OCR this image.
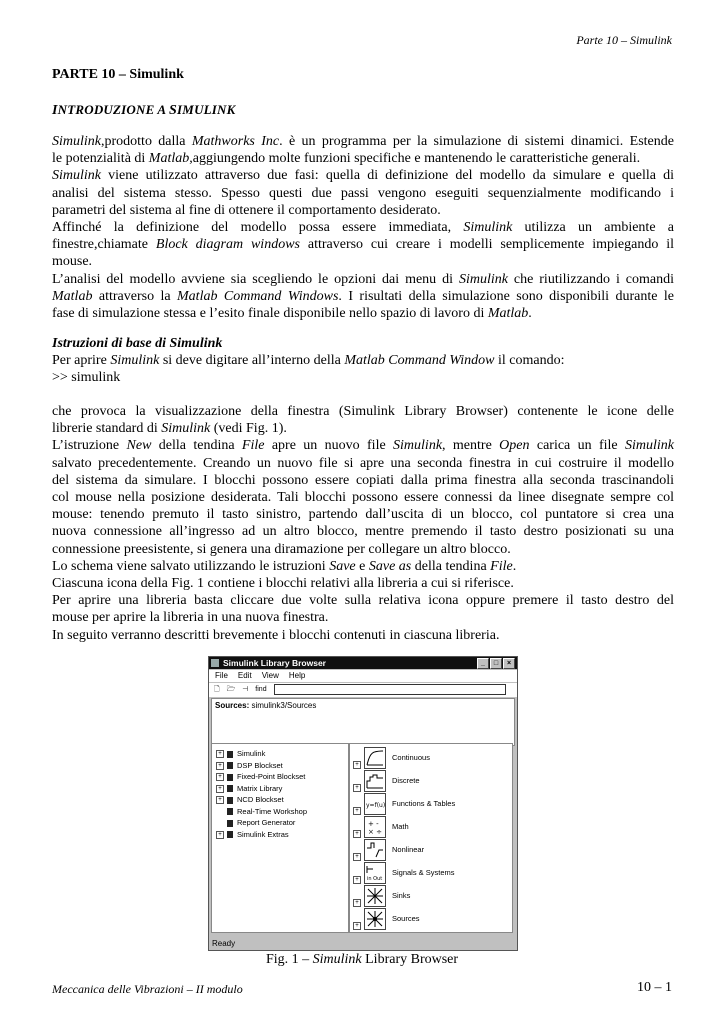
Parte 10 – Simulink
PARTE 10 – Simulink
INTRODUZIONE A SIMULINK
Simulink,prodotto dalla Mathworks Inc. è un programma per la simulazione di sistemi dinamici. Estende
le potenzialità di Matlab,aggiungendo molte funzioni specifiche e mantenendo le caratteristiche generali.
Simulink viene utilizzato attraverso due fasi: quella di definizione del modello da simulare e quella di
analisi del sistema stesso. Spesso questi due passi vengono eseguiti sequenzialmente modificando i
parametri del sistema al fine di ottenere il comportamento desiderato.
Affinché la definizione del modello possa essere immediata, Simulink utilizza un ambiente a
finestre,chiamate Block diagram windows attraverso cui creare i modelli semplicemente impiegando il
mouse.
L’analisi del modello avviene sia scegliendo le opzioni dai menu di Simulink che riutilizzando i comandi
Matlab attraverso la Matlab Command Windows. I risultati della simulazione sono disponibili durante le
fase di simulazione stessa e l’esito finale disponibile nello spazio di lavoro di Matlab.
Istruzioni di base di Simulink
Per aprire Simulink si deve digitare all’interno della Matlab Command Window il comando:
>> simulink
che provoca la visualizzazione della finestra (Simulink Library Browser) contenente le icone delle
librerie standard di Simulink (vedi Fig. 1).
L’istruzione New della tendina File apre un nuovo file Simulink, mentre Open carica un file Simulink
salvato precedentemente. Creando un nuovo file si apre una seconda finestra in cui costruire il modello
del sistema da simulare. I blocchi possono essere copiati dalla prima finestra alla seconda trascinandoli
col mouse nella posizione desiderata. Tali blocchi possono essere connessi da linee disegnate sempre col
mouse: tenendo premuto il tasto sinistro, partendo dall’uscita di un blocco, col puntatore si crea una
nuova connessione all’ingresso ad un altro blocco, mentre premendo il tasto destro posizionati su una
connessione preesistente, si genera una diramazione per collegare un altro blocco.
Lo schema viene salvato utilizzando le istruzioni Save e Save as della tendina File.
Ciascuna icona della Fig. 1 contiene i blocchi relativi alla libreria a cui si riferisce.
Per aprire una libreria basta cliccare due volte sulla relativa icona oppure premere il tasto destro del
mouse per aprire la libreria in una nuova finestra.
In seguito verranno descritti brevemente i blocchi contenuti in ciascuna libreria.
Simulink Library Browser	_	□	×
File Edit View Help
🗋 🗁 ⊣ find
Sources: simulink3/Sources
+ Simulink
+ DSP Blockset
+ Fixed-Point Blockset
+ Matrix Library
+ NCD Blockset
Real-Time Workshop
Report Generator
+ Simulink Extras
+
Continuous
+
Discrete
+
y=f(u) Functions & Tables
+
+ -
× ÷
Math
+
Nonlinear
+	in Out
Signals & Systems
+
Sinks
+
Sources
Ready
Fig. 1 – Simulink Library Browser
Meccanica delle Vibrazioni – II modulo	10 – 1
